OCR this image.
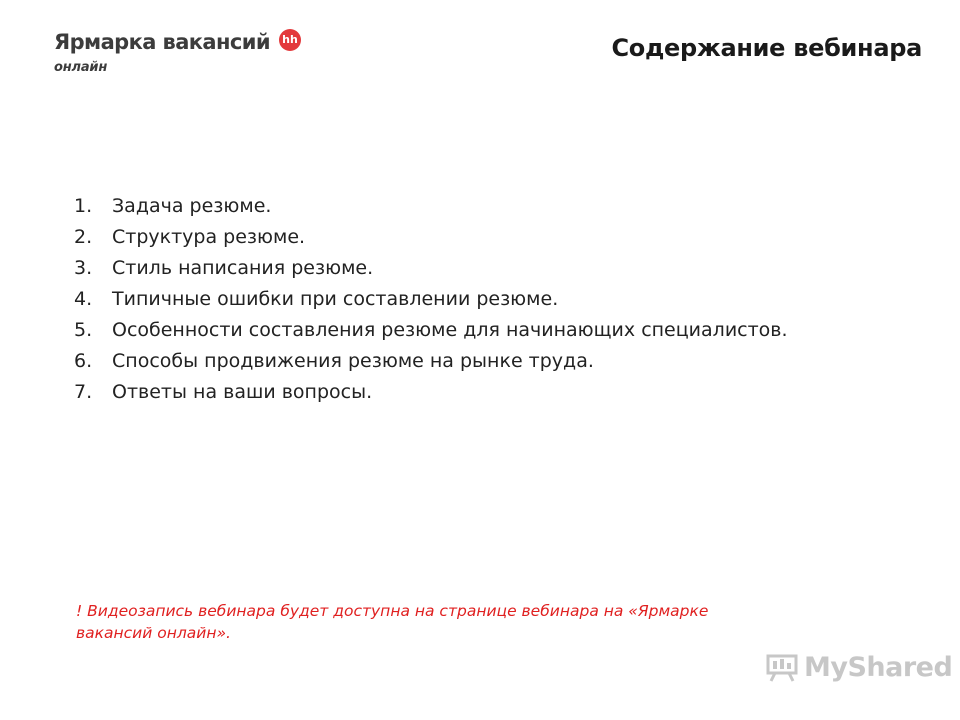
Ярмарка вакансий hh
онлайн
Содержание вебинара
1.	Задача резюме.
2.	Структура резюме.
3.	Стиль написания резюме.
4.	Типичные ошибки при составлении резюме.
5.	Особенности составления резюме для начинающих специалистов.
6.	Способы продвижения резюме на рынке труда.
7.	Ответы на ваши вопросы.
! Видеозапись вебинара будет доступна на странице вебинара на «Ярмарке вакансий онлайн».
MyShared
